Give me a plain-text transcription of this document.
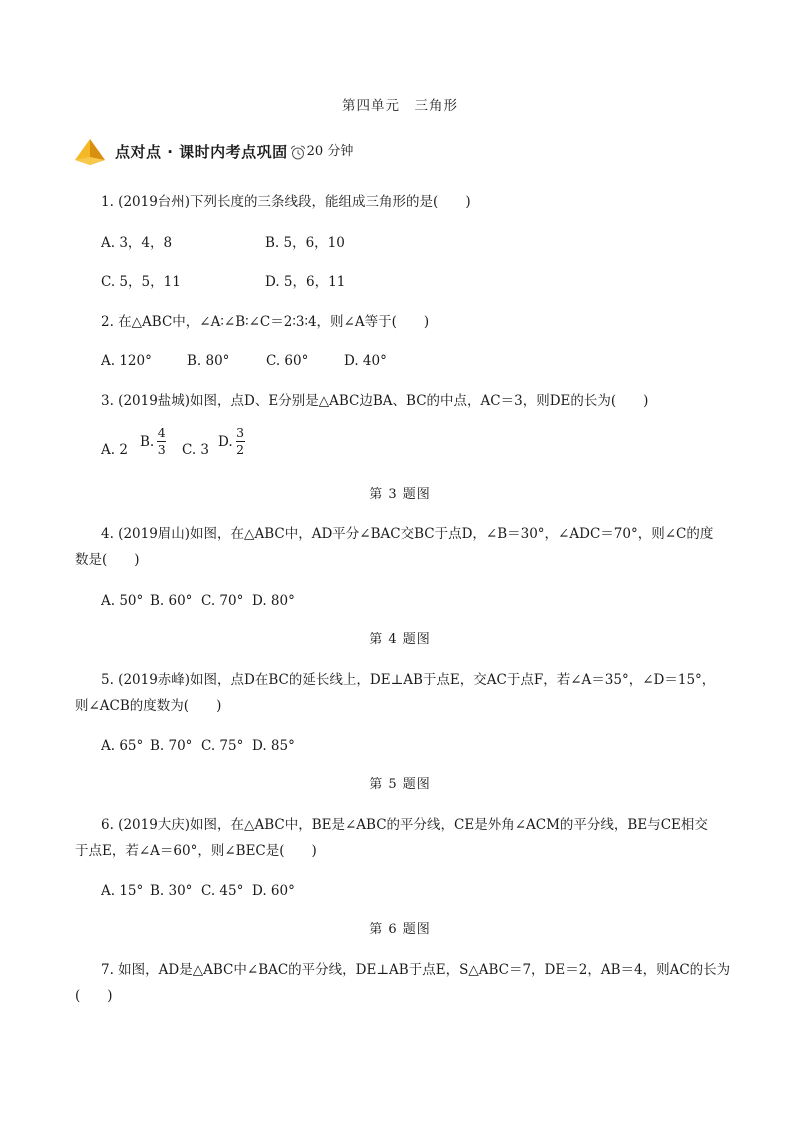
第四单元　三角形
点对点 · 课时内考点巩固 20 分钟
1. (2019台州)下列长度的三条线段，能组成三角形的是(　　)
A. 3，4，8	B. 5，6，10
C. 5，5，11	D. 5，6，11
2. 在△ABC中，∠A∶∠B∶∠C＝2∶3∶4，则∠A等于(　　)
A. 120°	B. 80°	C. 60°	D. 40°
3. (2019盐城)如图，点D、E分别是△ABC边BA、BC的中点，AC＝3，则DE的长为(　　)
A. 2
B. $\frac{4}{3} C$. 3
D. $\frac{3}{2}$
第 3 题图
4. (2019眉山)如图，在△ABC中，AD平分∠BAC交BC于点D，∠B＝30°，∠ADC＝70°，则∠C的度
数是(　　)
A. 50° B. 60° C. 70° D. 80°
第 4 题图
5. (2019赤峰)如图，点D在BC的延长线上，DE⊥AB于点E，交AC于点F，若∠A＝35°，∠D＝15°，
则∠ACB的度数为(　　)
A. 65° B. 70° C. 75° D. 85°
第 5 题图
6. (2019大庆)如图，在△ABC中，BE是∠ABC的平分线，CE是外角∠ACM的平分线，BE与CE相交
于点E，若∠A＝60°，则∠BEC是(　　)
A. 15° B. 30° C. 45° D. 60°
第 6 题图
7. 如图，AD是△ABC中∠BAC的平分线，DE⊥AB于点E，S△ABC＝7，DE＝2，AB＝4，则AC的长为
(　　)
